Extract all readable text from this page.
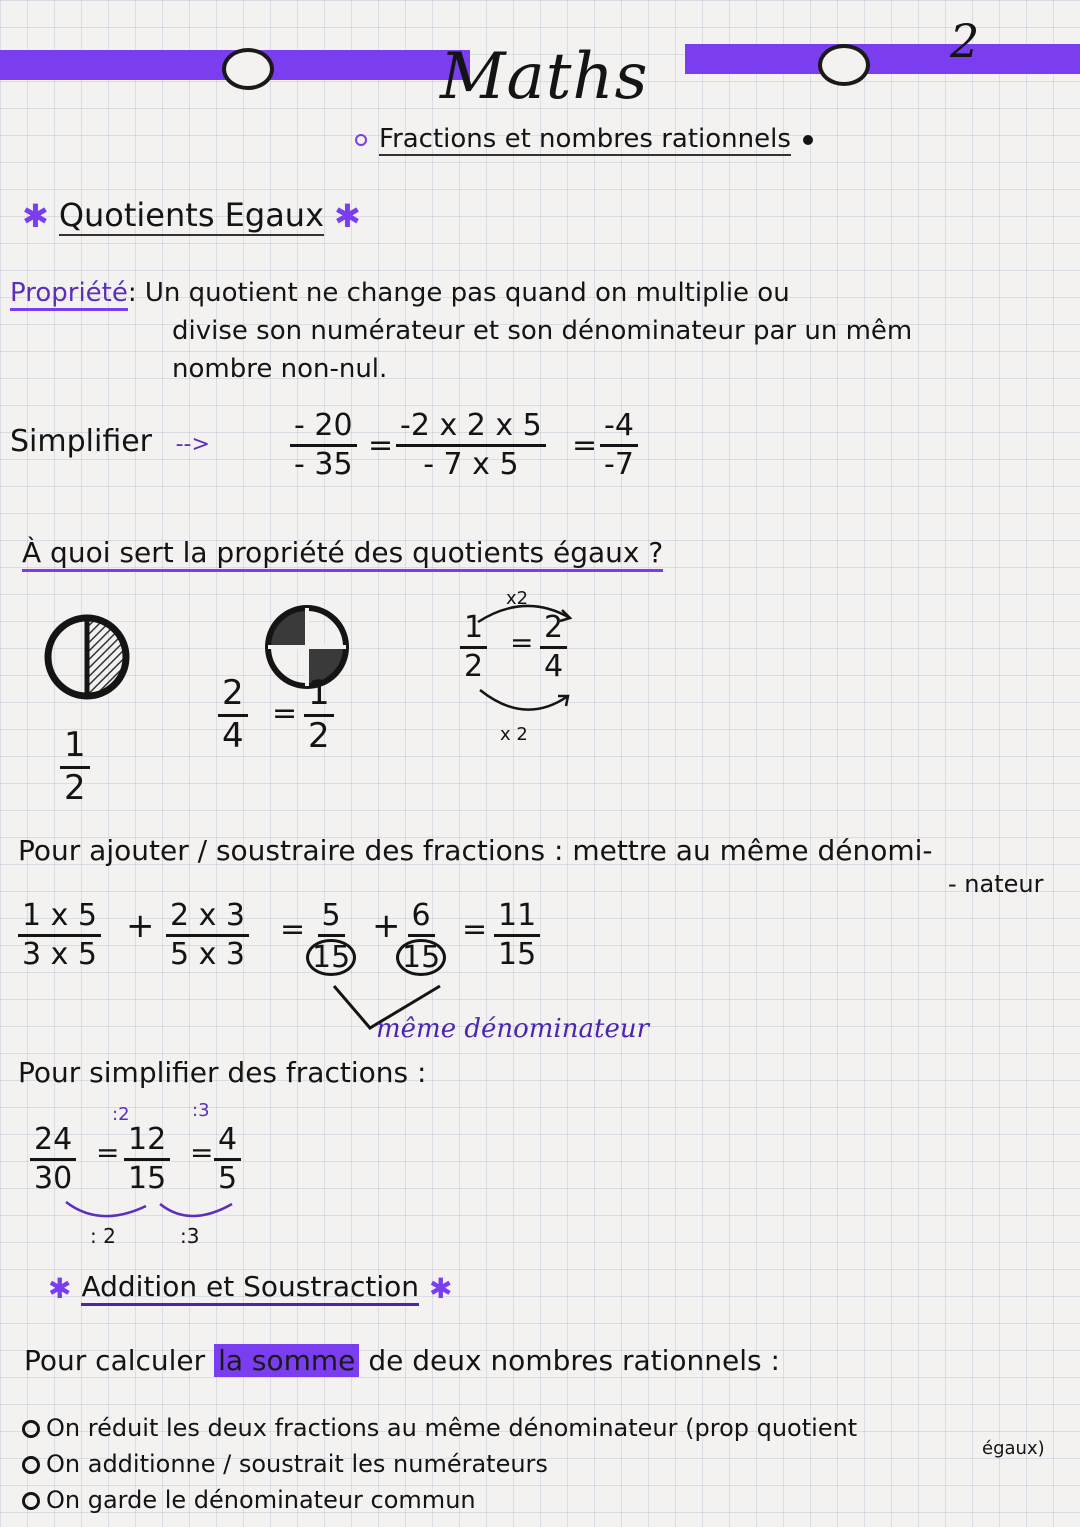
2
Maths
Fractions et nombres rationnels
✱ Quotients Egaux ✱
Propriété: Un quotient ne change pas quand on multiplie ou
divise son numérateur et son dénominateur par un mêm
nombre non-nul.
Simplifier -->	$\frac{- 20}{- 35} = \frac{-2 x 2 x 5}{- 7 x 5} = \frac{-4}{-7}$
À quoi sert la propriété des quotients égaux ?
$\frac{1}{2}$
$\frac{2}{4} = \frac{1}{2}$
x2
$\frac{1}{2} = \frac{2}{4}$
x 2
Pour ajouter / soustraire des fractions : mettre au même dénomi-
- nateur
$\frac{1 x 5}{3 x 5} + \frac{2 x 3}{5 x 3} = \frac{5}{15}$ +
$\frac{6}{15} = \frac{11}{15}$
même dénominateur
Pour simplifier des fractions :
:2	:3
$\frac{24}{30} = \frac{12}{15} = \frac{4}{5}$
: 2	:3
✱ Addition et Soustraction ✱
Pour calculer la somme de deux nombres rationnels :
On réduit les deux fractions au même dénominateur (prop quotient
égaux)
On additionne / soustrait les numérateurs
On garde le dénominateur commun
